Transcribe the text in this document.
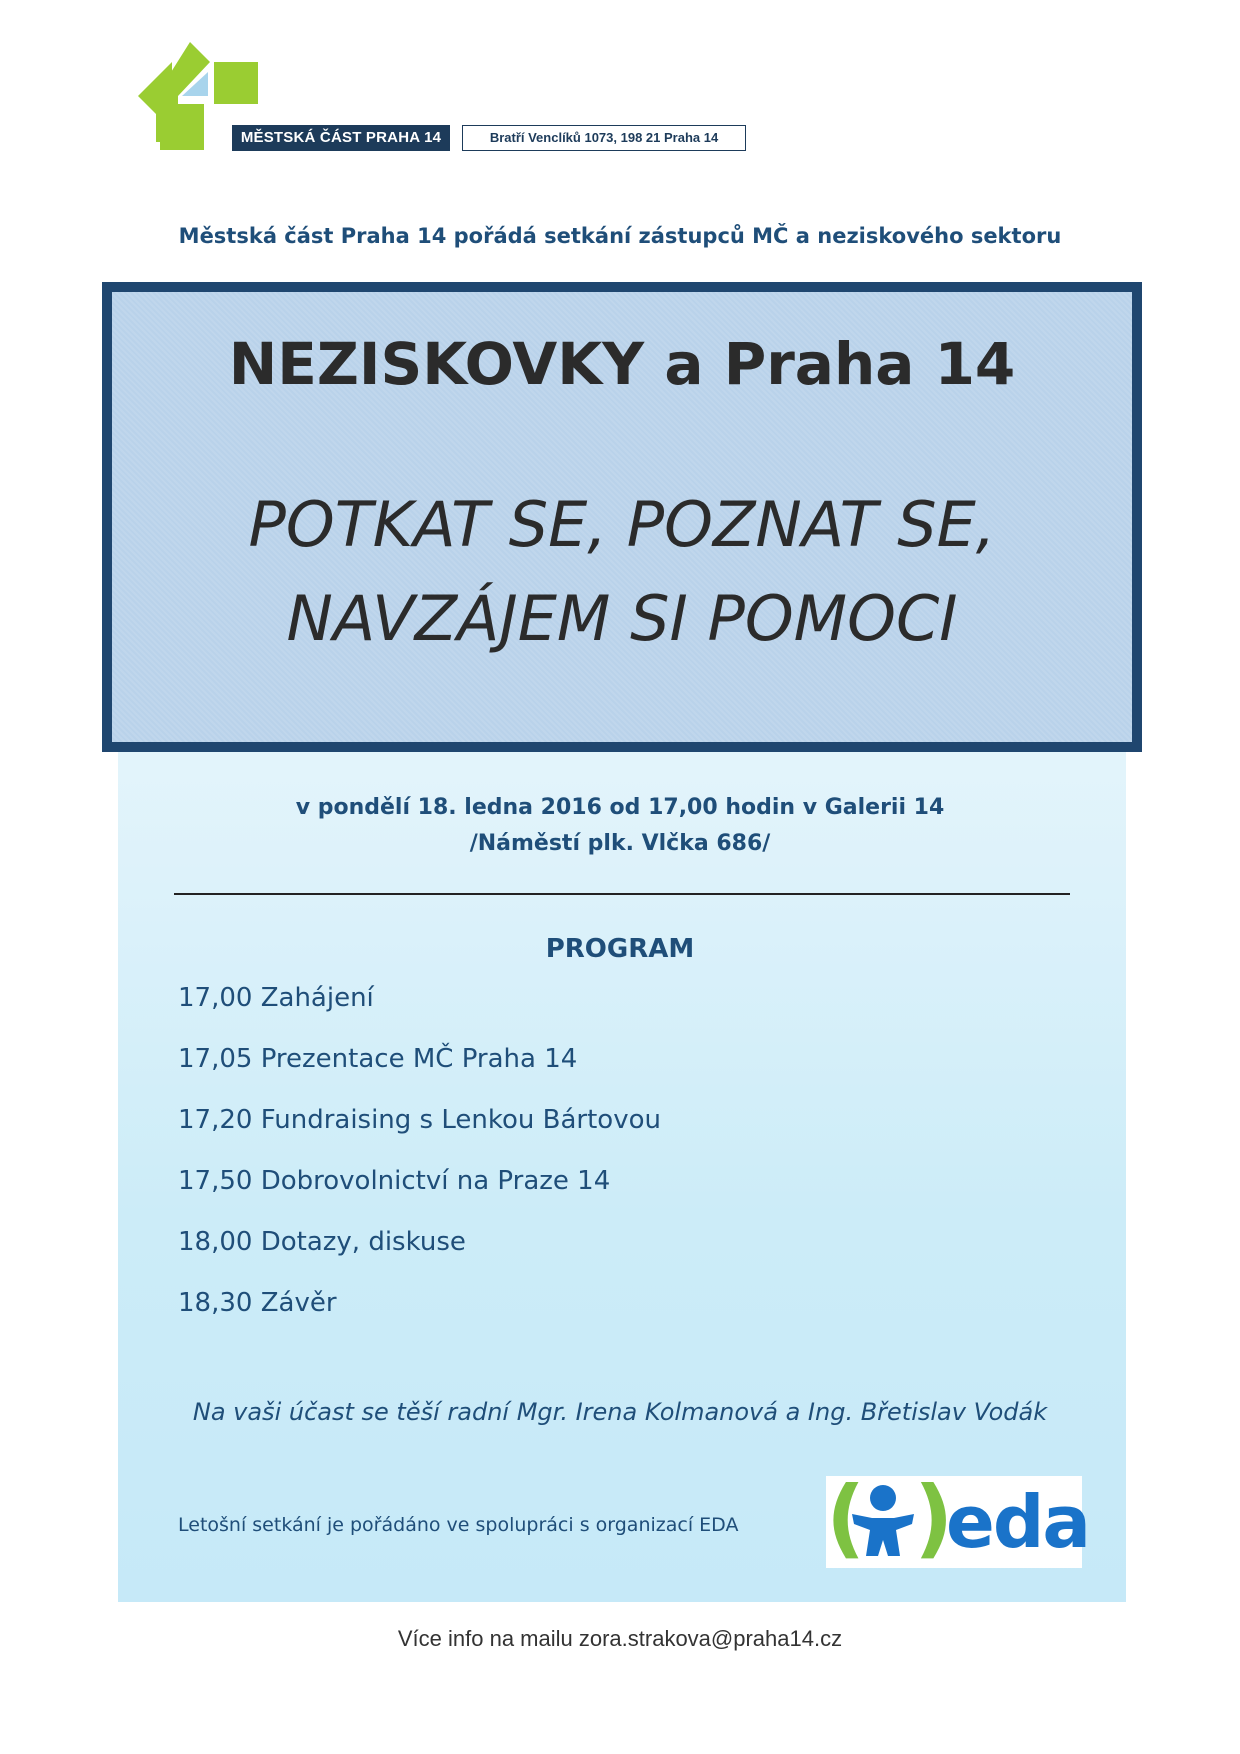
MĚSTSKÁ ČÁST PRAHA 14	Bratří Venclíků 1073, 198 21 Praha 14
Městská část Praha 14 pořádá setkání zástupců MČ a neziskového sektoru
NEZISKOVKY a Praha 14
POTKAT SE, POZNAT SE,
NAVZÁJEM SI POMOCI
v pondělí 18. ledna 2016 od 17,00 hodin v Galerii 14
/Náměstí plk. Vlčka 686/
PROGRAM
17,00 Zahájení
17,05 Prezentace MČ Praha 14
17,20 Fundraising s Lenkou Bártovou
17,50 Dobrovolnictví na Praze 14
18,00 Dotazy, diskuse
18,30 Závěr
Na vaši účast se těší radní Mgr. Irena Kolmanová a Ing. Břetislav Vodák
Letošní setkání je pořádáno ve spolupráci s organizací EDA ( )
eda
Více info na mailu zora.strakova@praha14.cz
